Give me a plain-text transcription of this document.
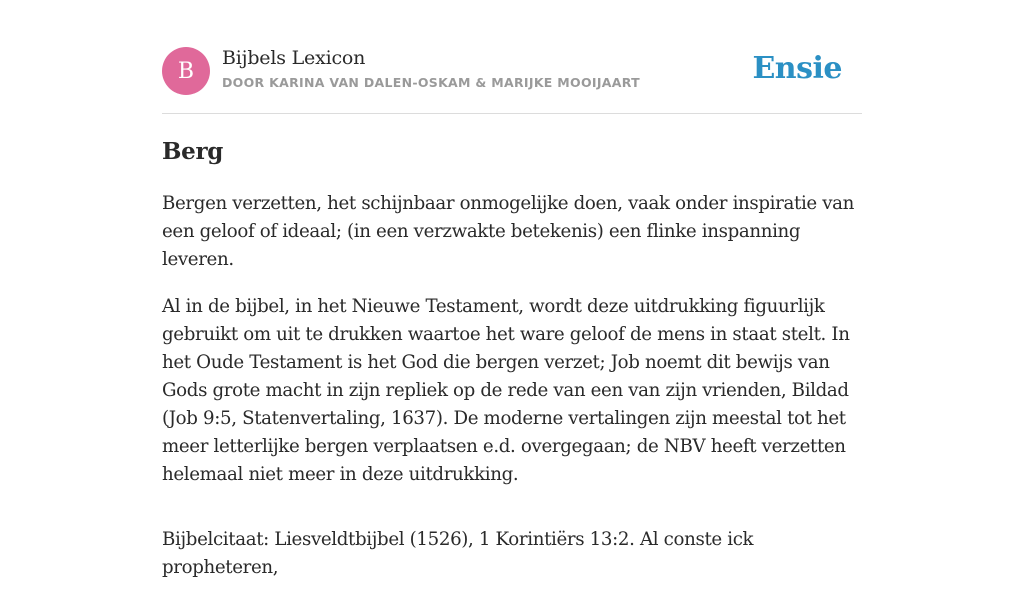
B
Bijbels Lexicon
DOOR KARINA VAN DALEN-OSKAM & MARIJKE MOOIJAART	Ensie
Berg

Bergen verzetten, het schijnbaar onmogelijke doen, vaak onder inspiratie van een geloof of ideaal; (in een verzwakte betekenis) een flinke inspanning leveren.

Al in de bijbel, in het Nieuwe Testament, wordt deze uitdrukking figuurlijk gebruikt om uit te drukken waartoe het ware geloof de mens in staat stelt. In het Oude Testament is het God die bergen verzet; Job noemt dit bewijs van Gods grote macht in zijn repliek op de rede van een van zijn vrienden, Bildad (Job 9:5, Statenvertaling, 1637). De moderne vertalingen zijn meestal tot het meer letterlijke bergen verplaatsen e.d. overgegaan; de NBV heeft verzetten helemaal niet meer in deze uitdrukking.

Bijbelcitaat: Liesveldtbijbel (1526), 1 Korintiërs 13:2. Al conste ick propheteren,
